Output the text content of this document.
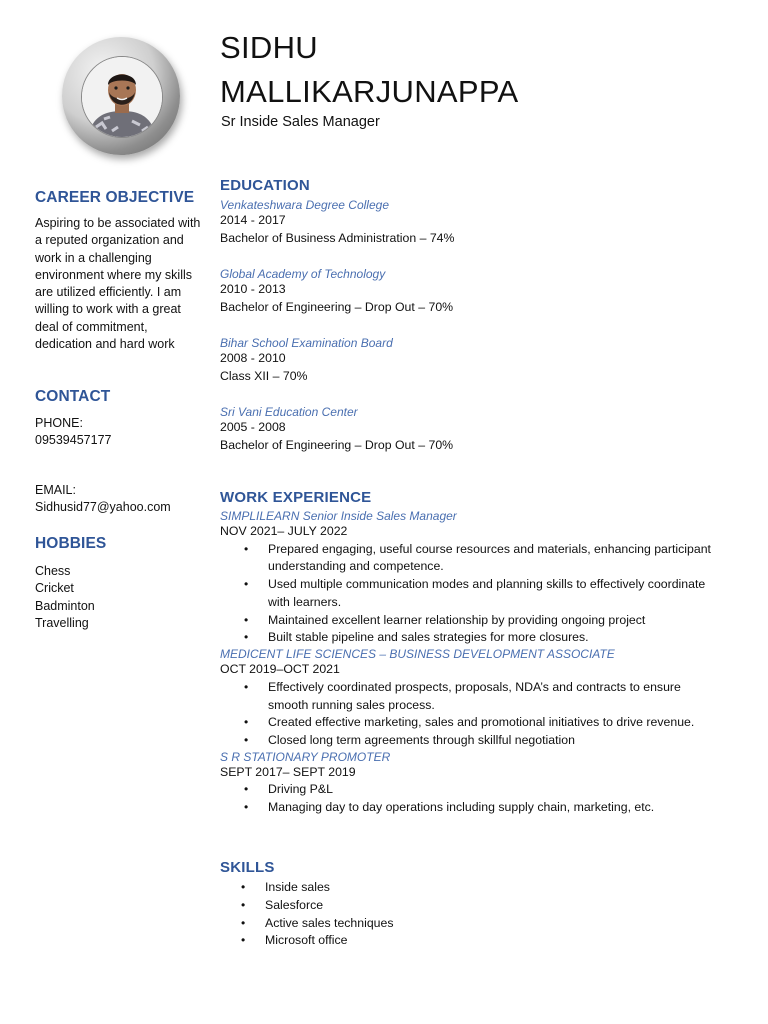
SIDHU
MALLIKARJUNAPPA
Sr Inside Sales Manager
CAREER OBJECTIVE

Aspiring to be associated with

a reputed organization and

work in a challenging

environment where my skills

are utilized efficiently. I am

willing to work with a great

deal of commitment,

dedication and hard work

CONTACT

PHONE:

09539457177

EMAIL:

Sidhusid77@yahoo.com

HOBBIES

Chess

Cricket

Badminton

Travelling

EDUCATION

Venkateshwara Degree College

2014 - 2017

Bachelor of Business Administration – 74%

Global Academy of Technology

2010 - 2013

Bachelor of Engineering – Drop Out – 70%

Bihar School Examination Board

2008 - 2010

Class XII – 70%

Sri Vani Education Center

2005 - 2008

Bachelor of Engineering – Drop Out – 70%

WORK EXPERIENCE

SIMPLILEARN Senior Inside Sales Manager

NOV 2021– JULY 2022

• Prepared engaging, useful course resources and materials, enhancing participant
understanding and competence.
• Used multiple communication modes and planning skills to effectively coordinate
with learners.
• Maintained excellent learner relationship by providing ongoing project
• Built stable pipeline and sales strategies for more closures.

MEDICENT LIFE SCIENCES – BUSINESS DEVELOPMENT ASSOCIATE

OCT 2019–OCT 2021

• Effectively coordinated prospects, proposals, NDA’s and contracts to ensure
smooth running sales process.
• Created effective marketing, sales and promotional initiatives to drive revenue.
• Closed long term agreements through skillful negotiation

S R STATIONARY PROMOTER

SEPT 2017– SEPT 2019

• Driving P&L
• Managing day to day operations including supply chain, marketing, etc.
SKILLS
• Inside sales
• Salesforce
• Active sales techniques
• Microsoft office
